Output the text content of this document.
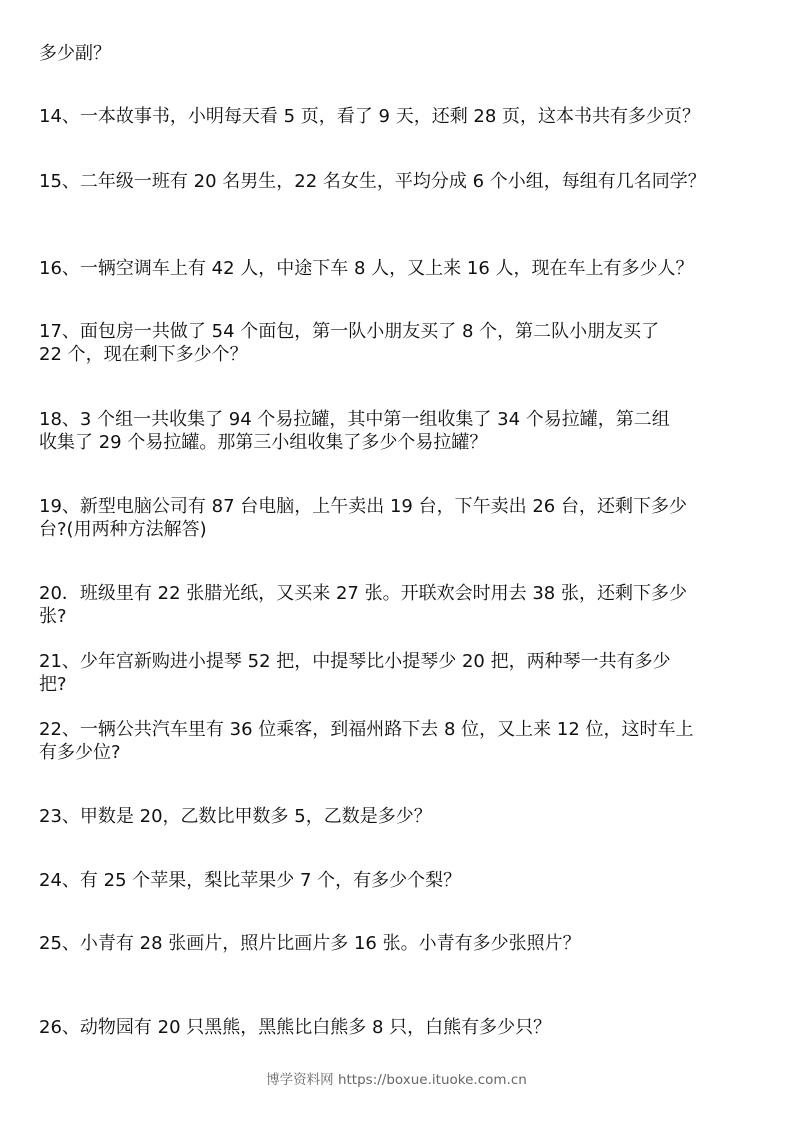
多少副？
14、一本故事书，小明每天看 5 页，看了 9 天，还剩 28 页，这本书共有多少页？
15、二年级一班有 20 名男生，22 名女生，平均分成 6 个小组，每组有几名同学？
16、一辆空调车上有 42 人，中途下车 8 人，又上来 16 人，现在车上有多少人？
17、面包房一共做了 54 个面包，第一队小朋友买了 8 个，第二队小朋友买了
22 个，现在剩下多少个？
18、3 个组一共收集了 94 个易拉罐，其中第一组收集了 34 个易拉罐，第二组
收集了 29 个易拉罐。那第三小组收集了多少个易拉罐？
19、新型电脑公司有 87 台电脑，上午卖出 19 台，下午卖出 26 台，还剩下多少
台?(用两种方法解答)
20．班级里有 22 张腊光纸，又买来 27 张。开联欢会时用去 38 张，还剩下多少
张?
21、少年宫新购进小提琴 52 把，中提琴比小提琴少 20 把，两种琴一共有多少
把?
22、一辆公共汽车里有 36 位乘客，到福州路下去 8 位，又上来 12 位，这时车上
有多少位?
23、甲数是 20，乙数比甲数多 5，乙数是多少？
24、有 25 个苹果，梨比苹果少 7 个，有多少个梨？
25、小青有 28 张画片，照片比画片多 16 张。小青有多少张照片？
26、动物园有 20 只黑熊，黑熊比白熊多 8 只，白熊有多少只？
博学资料网 https://boxue.ituoke.com.cn
